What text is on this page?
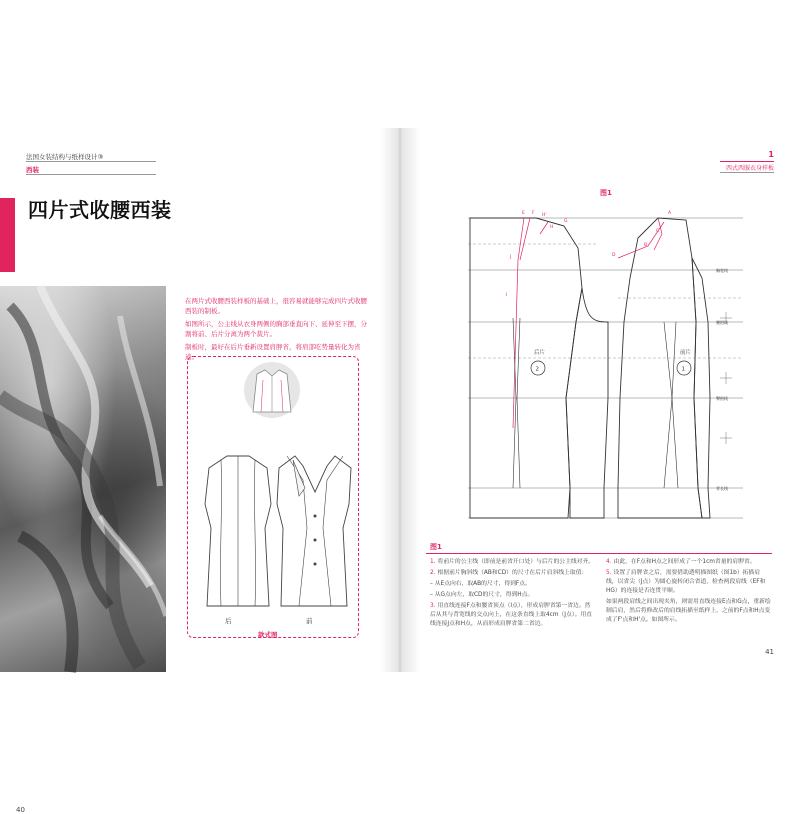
法国女装结构与纸样设计③
西装
四片式收腰西装
40

在两片式收腰西装样板的基础上，很容易就能够完成四片式收腰西装的制板。

如图所示，公主线从衣身两侧的胸部垂直向下、延伸至下摆，分割将前、后片分离为两个裁片。

制板时，最好在后片垂新设置肩胛省，将肩部吃势量转化为省道。

后	前
款式图
1
西式西服衣身样板
图1
后片
2
前片
1
E F H'
H
G
J
I
C
A
B
D
胸宽线
腰围线
臀围线
背长线
图1

1. 将前片的公主线（即前是前省开口处）与后片的公主线对齐。

2. 根据前片胸斜线（AB和CD）的尺寸在后片肩斜线上取值：

– 从E点向右，取AB的尺寸，得到F点。

– 从G点向左，取CD的尺寸，得到H点。

3. 用直线连接F点和腰省顶点（I点），形成肩胛省第一省边。然后从其与背宽线的交点向上，在这条直线上取4cm（J点）。用直线连接J点和H点，从而形成肩胛省第二省边。

4. 由此，在F点和H点之间形成了一个1cm省量的肩胛省。

5. 设置了肩胛省之后，需要借助透明描图纸（图1b）拓描肩线，以省尖（J点）为圆心旋转闭合省道，检查两段肩线（EF和HG）的连接是否连贯平顺。

如果两段肩线之间出现夹角，则需用直线连接E点和G点，重新绘制后肩，然后将修改后的肩线拓描至纸样上，之前的F点和H点变成了F'点和H'点。如图所示。

41
